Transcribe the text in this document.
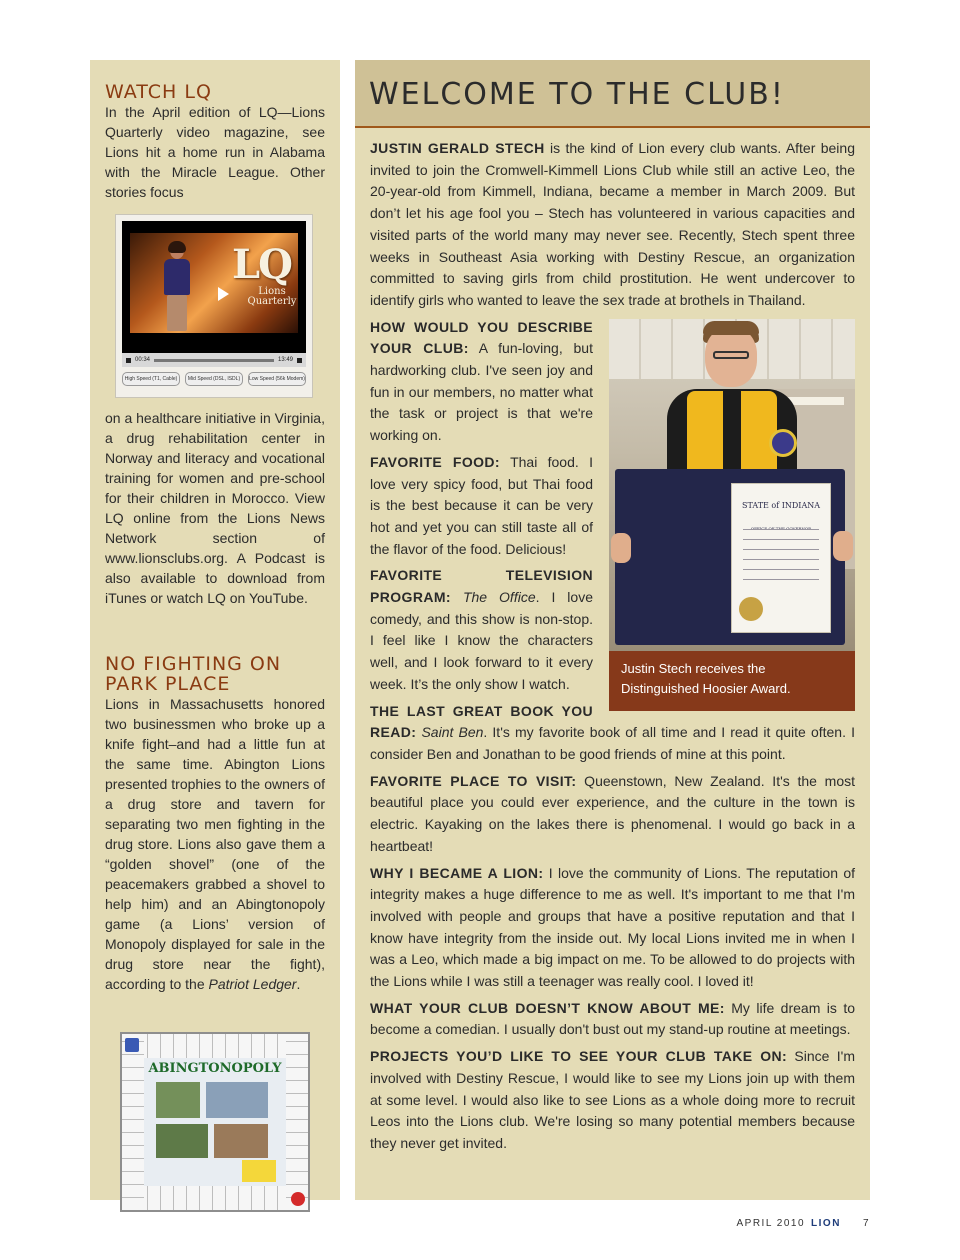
WATCH LQ

In the April edition of LQ—Lions Quarterly video magazine, see Lions hit a home run in Alabama with the Miracle League. Other stories focus

LQ
Lions Quarterly
00:34	13:49
High Speed (T1, Cable)	Mid Speed (DSL, ISDL)	Low Speed (56k Modem)

on a healthcare initiative in Virginia, a drug rehabilitation center in Norway and literacy and vocational training for women and pre-school for their children in Morocco. View LQ online from the Lions News Network section of www.lionsclubs.org. A Podcast is also available to download from iTunes or watch LQ on YouTube.

NO FIGHTING ON
PARK PLACE

Lions in Massachusetts honored two businessmen who broke up a knife fight–and had a little fun at the same time. Abington Lions presented trophies to the owners of a drug store and tavern for separating two men fighting in the drug store. Lions also gave them a “golden shovel” (one of the peacemakers grabbed a shovel to help him) and an Abingtonopoly game (a Lions’ version of Monopoly displayed for sale in the drug store near the fight), according to the Patriot Ledger.

ABINGTONOPOLY
WELCOME TO THE CLUB!

JUSTIN GERALD STECH is the kind of Lion every club wants. After being invited to join the Cromwell-Kimmell Lions Club while still an active Leo, the 20-year-old from Kimmell, Indiana, became a member in March 2009. But don’t let his age fool you – Stech has volunteered in various capacities and visited parts of the world many may never see. Recently, Stech spent three weeks in Southeast Asia working with Destiny Rescue, an organization committed to saving girls from child prostitution. He went undercover to identify girls who wanted to leave the sex trade at brothels in Thailand.

STATE of INDIANA
Justin Stech receives the Distinguished Hoosier Award.

HOW WOULD YOU DESCRIBE YOUR CLUB: A fun-loving, but hardworking club. I've seen joy and fun in our members, no matter what the task or project is that we're working on.

FAVORITE FOOD: Thai food. I love very spicy food, but Thai food is the best because it can be very hot and yet you can still taste all of the flavor of the food. Delicious!

FAVORITE TELEVISION PROGRAM: The Office. I love comedy, and this show is non-stop. I feel like I know the characters well, and I look forward to it every week. It’s the only show I watch.

THE LAST GREAT BOOK YOU READ: Saint Ben. It's my favorite book of all time and I read it quite often. I consider Ben and Jonathan to be good friends of mine at this point.

FAVORITE PLACE TO VISIT: Queenstown, New Zealand. It's the most beautiful place you could ever experience, and the culture in the town is electric. Kayaking on the lakes there is phenomenal. I would go back in a heartbeat!

WHY I BECAME A LION: I love the community of Lions. The reputation of integrity makes a huge difference to me as well. It's important to me that I'm involved with people and groups that have a positive reputation and that I know have integrity from the inside out. My local Lions invited me in when I was a Leo, which made a big impact on me. To be allowed to do projects with the Lions while I was still a teenager was really cool. I loved it!

WHAT YOUR CLUB DOESN’T KNOW ABOUT ME: My life dream is to become a comedian. I usually don't bust out my stand-up routine at meetings.

PROJECTS YOU’D LIKE TO SEE YOUR CLUB TAKE ON: Since I'm involved with Destiny Rescue, I would like to see my Lions join up with them at some level. I would also like to see Lions as a whole doing more to recruit Leos into the Lions club. We're losing so many potential members because they never get invited.

APRIL 2010 LION 7
